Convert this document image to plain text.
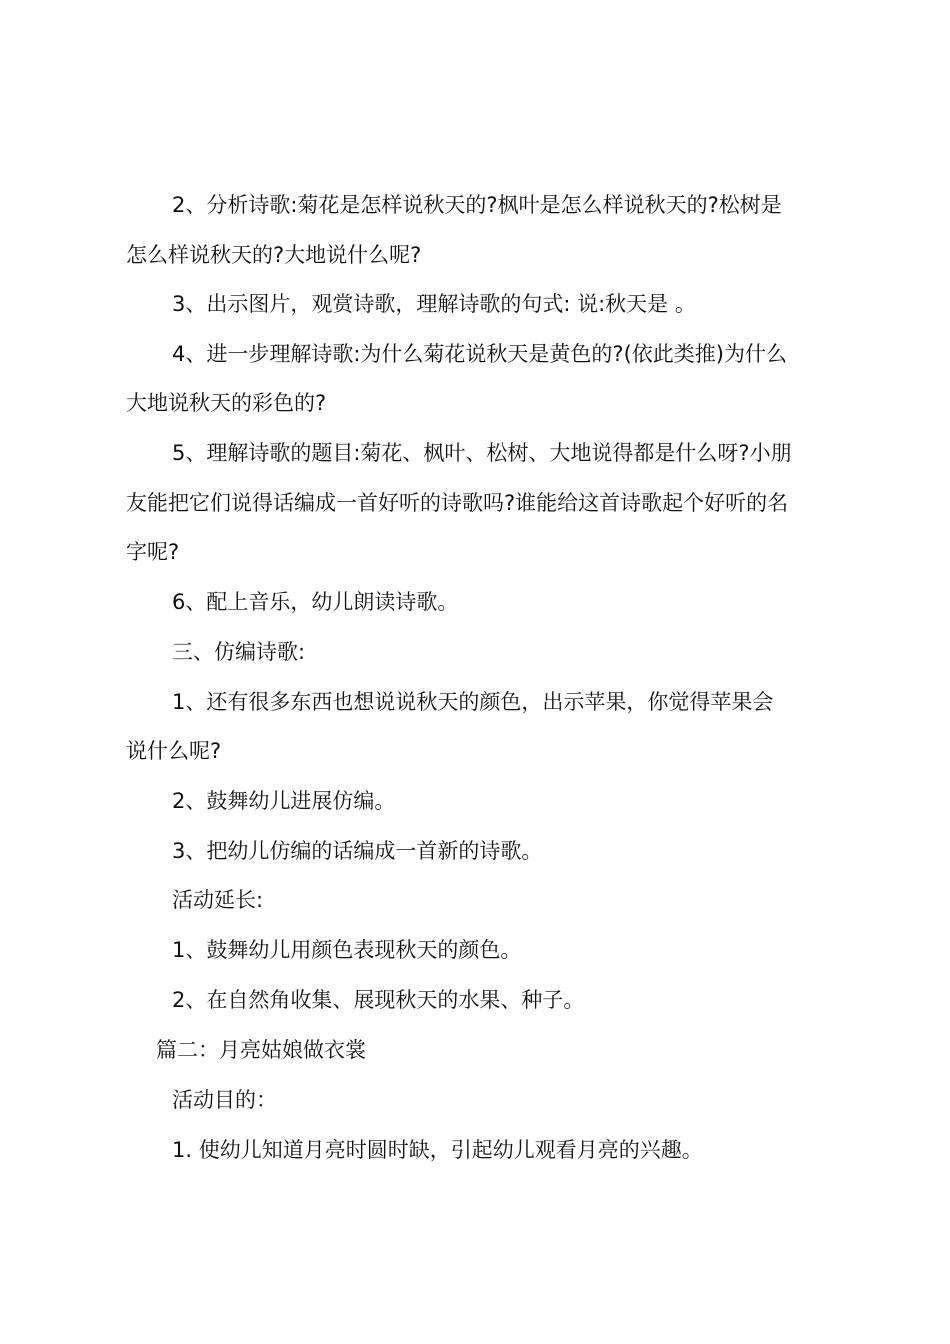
2、分析诗歌:菊花是怎样说秋天的?枫叶是怎么样说秋天的?松树是
怎么样说秋天的?大地说什么呢?
3、出示图片，观赏诗歌，理解诗歌的句式: 说:秋天是 。
4、进一步理解诗歌:为什么菊花说秋天是黄色的?(依此类推)为什么
大地说秋天的彩色的?
5、理解诗歌的题目:菊花、枫叶、松树、大地说得都是什么呀?小朋
友能把它们说得话编成一首好听的诗歌吗?谁能给这首诗歌起个好听的名
字呢?
6、配上音乐，幼儿朗读诗歌。
三、仿编诗歌:
1、还有很多东西也想说说秋天的颜色，出示苹果，你觉得苹果会
说什么呢?
2、鼓舞幼儿进展仿编。
3、把幼儿仿编的话编成一首新的诗歌。
活动延长:
1、鼓舞幼儿用颜色表现秋天的颜色。
2、在自然角收集、展现秋天的水果、种子。
篇二：月亮姑娘做衣裳
活动目的：
1. 使幼儿知道月亮时圆时缺，引起幼儿观看月亮的兴趣。
